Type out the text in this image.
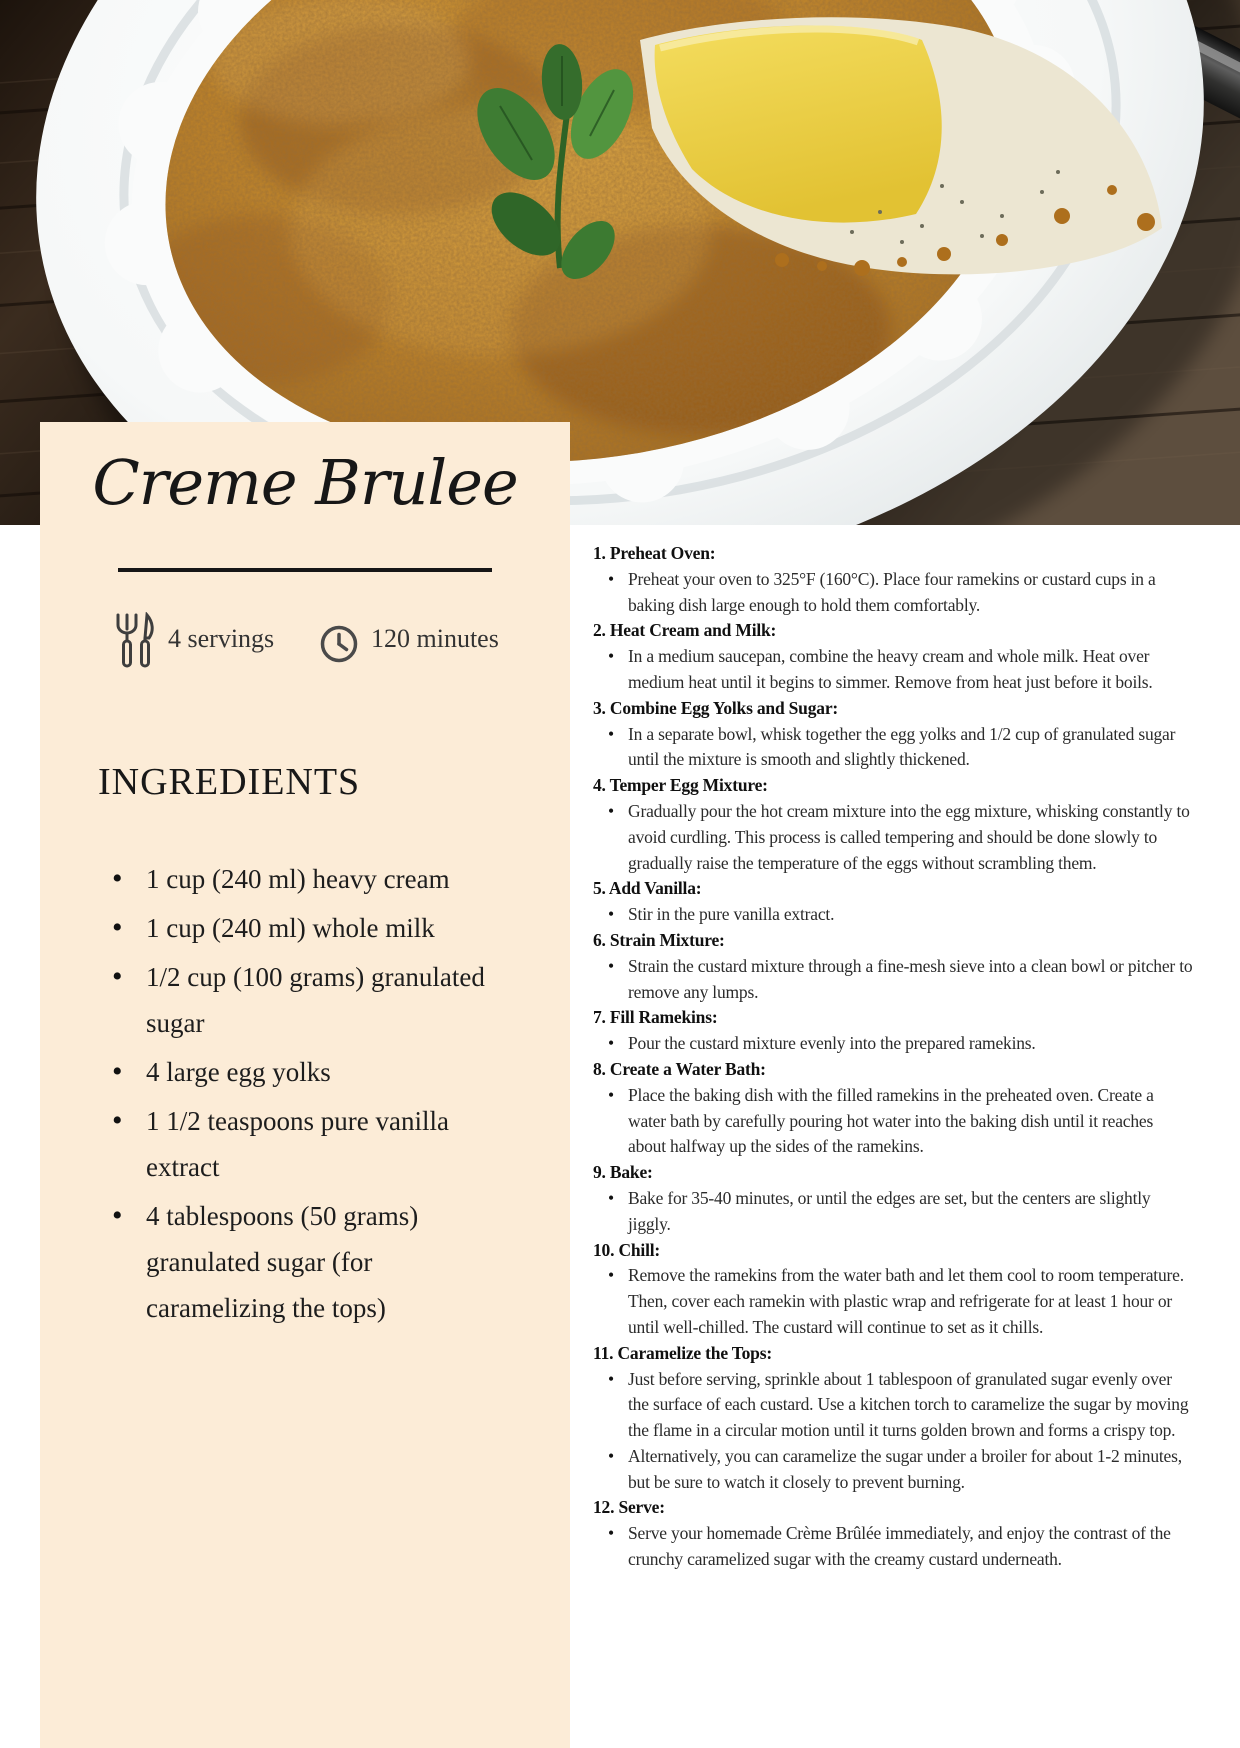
Creme Brulee
4 servings	120 minutes
INGREDIENTS
• 1 cup (240 ml) heavy cream
• 1 cup (240 ml) whole milk
• 1/2 cup (100 grams) granulated sugar
• 4 large egg yolks
• 1 1/2 teaspoons pure vanilla extract
• 4 tablespoons (50 grams) granulated sugar (for caramelizing the tops)
1. Preheat Oven:
• Preheat your oven to 325°F (160°C). Place four ramekins or custard cups in a baking dish large enough to hold them comfortably.
2. Heat Cream and Milk:
• In a medium saucepan, combine the heavy cream and whole milk. Heat over medium heat until it begins to simmer. Remove from heat just before it boils.
3. Combine Egg Yolks and Sugar:
• In a separate bowl, whisk together the egg yolks and 1/2 cup of granulated sugar until the mixture is smooth and slightly thickened.
4. Temper Egg Mixture:
• Gradually pour the hot cream mixture into the egg mixture, whisking constantly to avoid curdling. This process is called tempering and should be done slowly to gradually raise the temperature of the eggs without scrambling them.
5. Add Vanilla:
• Stir in the pure vanilla extract.
6. Strain Mixture:
• Strain the custard mixture through a fine-mesh sieve into a clean bowl or pitcher to remove any lumps.
7. Fill Ramekins:
• Pour the custard mixture evenly into the prepared ramekins.
8. Create a Water Bath:
• Place the baking dish with the filled ramekins in the preheated oven. Create a water bath by carefully pouring hot water into the baking dish until it reaches about halfway up the sides of the ramekins.
9. Bake:
• Bake for 35-40 minutes, or until the edges are set, but the centers are slightly jiggly.
10. Chill:
• Remove the ramekins from the water bath and let them cool to room temperature. Then, cover each ramekin with plastic wrap and refrigerate for at least 1 hour or until well-chilled. The custard will continue to set as it chills.
11. Caramelize the Tops:
• Just before serving, sprinkle about 1 tablespoon of granulated sugar evenly over the surface of each custard. Use a kitchen torch to caramelize the sugar by moving the flame in a circular motion until it turns golden brown and forms a crispy top.
• Alternatively, you can caramelize the sugar under a broiler for about 1-2 minutes, but be sure to watch it closely to prevent burning.
12. Serve:
• Serve your homemade Crème Brûlée immediately, and enjoy the contrast of the crunchy caramelized sugar with the creamy custard underneath.
